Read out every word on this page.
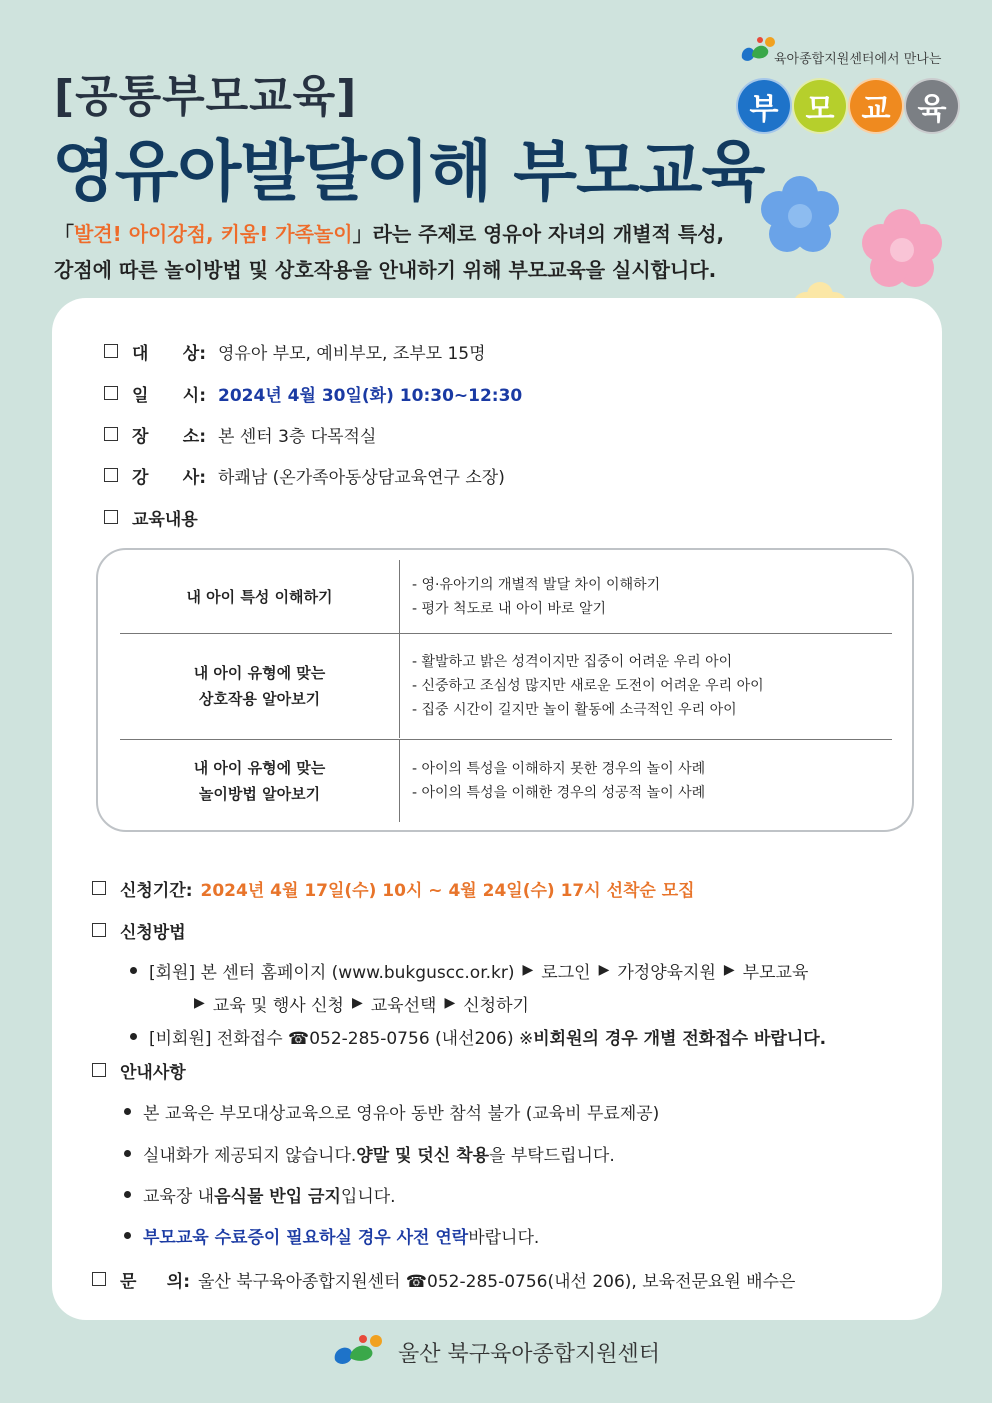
육아종합지원센터에서 만나는
부 모 교 육
[공통부모교육]
영유아발달이해 부모교육
「발견! 아이강점, 키움! 가족놀이」라는 주제로 영유아 자녀의 개별적 특성,
강점에 따른 놀이방법 및 상호작용을 안내하기 위해 부모교육을 실시합니다.
대 상: 영유아 부모, 예비부모, 조부모 15명
일 시: 2024년 4월 30일(화) 10:30~12:30
장 소: 본 센터 3층 다목적실
강 사: 하쾌남 (온가족아동상담교육연구 소장)
교육내용
내 아이 특성 이해하기
- 영·유아기의 개별적 발달 차이 이해하기
- 평가 척도로 내 아이 바로 알기
내 아이 유형에 맞는
상호작용 알아보기
- 활발하고 밝은 성격이지만 집중이 어려운 우리 아이
- 신중하고 조심성 많지만 새로운 도전이 어려운 우리 아이
- 집중 시간이 길지만 놀이 활동에 소극적인 우리 아이
내 아이 유형에 맞는
놀이방법 알아보기
- 아이의 특성을 이해하지 못한 경우의 놀이 사례
- 아이의 특성을 이해한 경우의 성공적 놀이 사례
신청기간: 2024년 4월 17일(수) 10시 ~ 4월 24일(수) 17시 선착순 모집
신청방법
[회원] 본 센터 홈페이지 (www.bukguscc.or.kr) ▶ 로그인 ▶ 가정양육지원 ▶ 부모교육
▶ 교육 및 행사 신청 ▶ 교육선택 ▶ 신청하기
[비회원] 전화접수 ☎052-285-0756 (내선206) ※ 비회원의 경우 개별 전화접수 바랍니다.
안내사항
본 교육은 부모대상교육으로 영유아 동반 참석 불가 (교육비 무료제공)
실내화가 제공되지 않습니다. 양말 및 덧신 착용 을 부탁드립니다.
교육장 내 음식물 반입 금지 입니다.
부모교육 수료증이 필요하실 경우 사전 연락 바랍니다.
문 의: 울산 북구육아종합지원센터 ☎052-285-0756(내선 206), 보육전문요원 배수은
울산 북구육아종합지원센터
